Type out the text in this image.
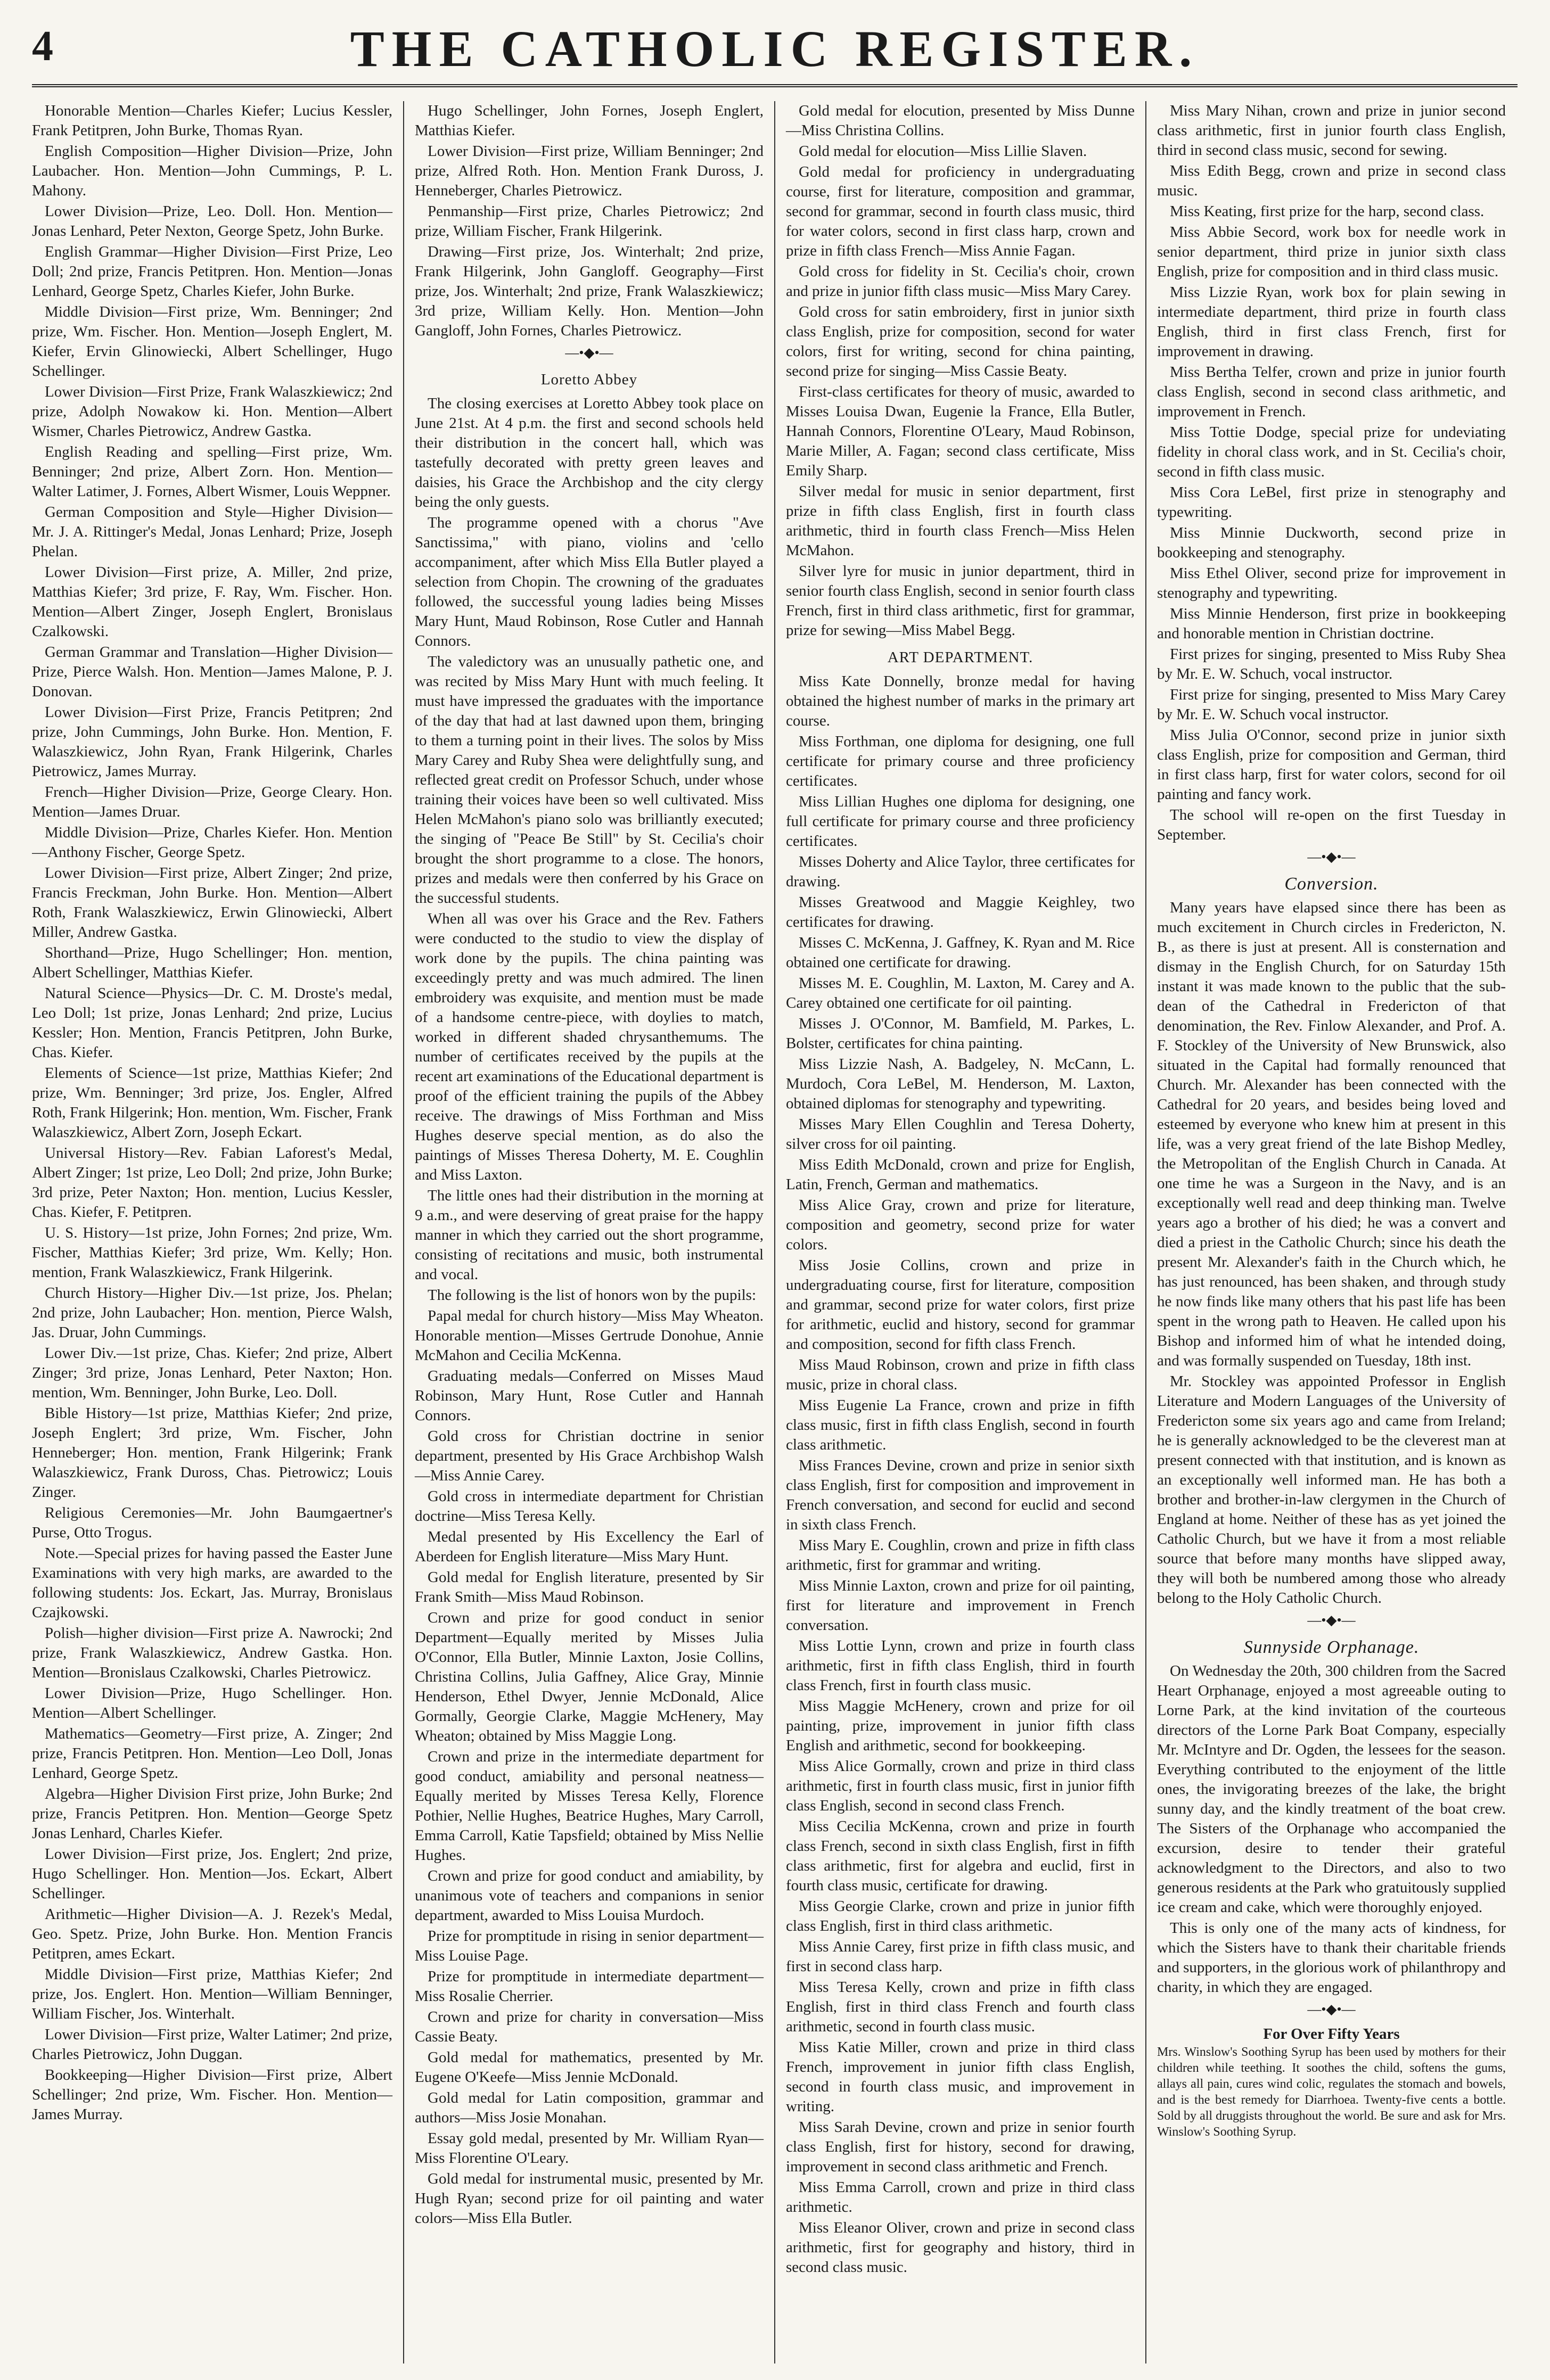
4	THE CATHOLIC REGISTER.

Honorable Mention—Charles Kiefer; Lucius Kessler, Frank Petitpren, John Burke, Thomas Ryan.

English Composition—Higher Division—Prize, John Laubacher. Hon. Mention—John Cummings, P. L. Mahony.

Lower Division—Prize, Leo. Doll. Hon. Mention—Jonas Lenhard, Peter Nexton, George Spetz, John Burke.

English Grammar—Higher Division—First Prize, Leo Doll; 2nd prize, Francis Petitpren. Hon. Mention—Jonas Lenhard, George Spetz, Charles Kiefer, John Burke.

Middle Division—First prize, Wm. Benninger; 2nd prize, Wm. Fischer. Hon. Mention—Joseph Englert, M. Kiefer, Ervin Glinowiecki, Albert Schellinger, Hugo Schellinger.

Lower Division—First Prize, Frank Walaszkiewicz; 2nd prize, Adolph Nowakow ki. Hon. Mention—Albert Wismer, Charles Pietrowicz, Andrew Gastka.

English Reading and spelling—First prize, Wm. Benninger; 2nd prize, Albert Zorn. Hon. Mention—Walter Latimer, J. Fornes, Albert Wismer, Louis Weppner.

German Composition and Style—Higher Division—Mr. J. A. Rittinger's Medal, Jonas Lenhard; Prize, Joseph Phelan.

Lower Division—First prize, A. Miller, 2nd prize, Matthias Kiefer; 3rd prize, F. Ray, Wm. Fischer. Hon. Mention—Albert Zinger, Joseph Englert, Bronislaus Czalkowski.

German Grammar and Translation—Higher Division—Prize, Pierce Walsh. Hon. Mention—James Malone, P. J. Donovan.

Lower Division—First Prize, Francis Petitpren; 2nd prize, John Cummings, John Burke. Hon. Mention, F. Walaszkiewicz, John Ryan, Frank Hilgerink, Charles Pietrowicz, James Murray.

French—Higher Division—Prize, George Cleary. Hon. Mention—James Druar.

Middle Division—Prize, Charles Kiefer. Hon. Mention—Anthony Fischer, George Spetz.

Lower Division—First prize, Albert Zinger; 2nd prize, Francis Freckman, John Burke. Hon. Mention—Albert Roth, Frank Walaszkiewicz, Erwin Glinowiecki, Albert Miller, Andrew Gastka.

Shorthand—Prize, Hugo Schellinger; Hon. mention, Albert Schellinger, Matthias Kiefer.

Natural Science—Physics—Dr. C. M. Droste's medal, Leo Doll; 1st prize, Jonas Lenhard; 2nd prize, Lucius Kessler; Hon. Mention, Francis Petitpren, John Burke, Chas. Kiefer.

Elements of Science—1st prize, Matthias Kiefer; 2nd prize, Wm. Benninger; 3rd prize, Jos. Engler, Alfred Roth, Frank Hilgerink; Hon. mention, Wm. Fischer, Frank Walaszkiewicz, Albert Zorn, Joseph Eckart.

Universal History—Rev. Fabian Laforest's Medal, Albert Zinger; 1st prize, Leo Doll; 2nd prize, John Burke; 3rd prize, Peter Naxton; Hon. mention, Lucius Kessler, Chas. Kiefer, F. Petitpren.

U. S. History—1st prize, John Fornes; 2nd prize, Wm. Fischer, Matthias Kiefer; 3rd prize, Wm. Kelly; Hon. mention, Frank Walaszkiewicz, Frank Hilgerink.

Church History—Higher Div.—1st prize, Jos. Phelan; 2nd prize, John Laubacher; Hon. mention, Pierce Walsh, Jas. Druar, John Cummings.

Lower Div.—1st prize, Chas. Kiefer; 2nd prize, Albert Zinger; 3rd prize, Jonas Lenhard, Peter Naxton; Hon. mention, Wm. Benninger, John Burke, Leo. Doll.

Bible History—1st prize, Matthias Kiefer; 2nd prize, Joseph Englert; 3rd prize, Wm. Fischer, John Henneberger; Hon. mention, Frank Hilgerink; Frank Walaszkiewicz, Frank Duross, Chas. Pietrowicz; Louis Zinger.

Religious Ceremonies—Mr. John Baumgaertner's Purse, Otto Trogus.

Note.—Special prizes for having passed the Easter June Examinations with very high marks, are awarded to the following students: Jos. Eckart, Jas. Murray, Bronislaus Czajkowski.

Polish—higher division—First prize A. Nawrocki; 2nd prize, Frank Walaszkiewicz, Andrew Gastka. Hon. Mention—Bronislaus Czalkowski, Charles Pietrowicz.

Lower Division—Prize, Hugo Schellinger. Hon. Mention—Albert Schellinger.

Mathematics—Geometry—First prize, A. Zinger; 2nd prize, Francis Petitpren. Hon. Mention—Leo Doll, Jonas Lenhard, George Spetz.

Algebra—Higher Division First prize, John Burke; 2nd prize, Francis Petitpren. Hon. Mention—George Spetz Jonas Lenhard, Charles Kiefer.

Lower Division—First prize, Jos. Englert; 2nd prize, Hugo Schellinger. Hon. Mention—Jos. Eckart, Albert Schellinger.

Arithmetic—Higher Division—A. J. Rezek's Medal, Geo. Spetz. Prize, John Burke. Hon. Mention Francis Petitpren, ames Eckart.

Middle Division—First prize, Matthias Kiefer; 2nd prize, Jos. Englert. Hon. Mention—William Benninger, William Fischer, Jos. Winterhalt.

Lower Division—First prize, Walter Latimer; 2nd prize, Charles Pietrowicz, John Duggan.

Bookkeeping—Higher Division—First prize, Albert Schellinger; 2nd prize, Wm. Fischer. Hon. Mention—James Murray.

Hugo Schellinger, John Fornes, Joseph Englert, Matthias Kiefer.

Lower Division—First prize, William Benninger; 2nd prize, Alfred Roth. Hon. Mention Frank Duross, J. Henneberger, Charles Pietrowicz.

Penmanship—First prize, Charles Pietrowicz; 2nd prize, William Fischer, Frank Hilgerink.

Drawing—First prize, Jos. Winterhalt; 2nd prize, Frank Hilgerink, John Gangloff. Geography—First prize, Jos. Winterhalt; 2nd prize, Frank Walaszkiewicz; 3rd prize, William Kelly. Hon. Mention—John Gangloff, John Fornes, Charles Pietrowicz.

—•◆•—
Loretto Abbey

The closing exercises at Loretto Abbey took place on June 21st. At 4 p.m. the first and second schools held their distribution in the concert hall, which was tastefully decorated with pretty green leaves and daisies, his Grace the Archbishop and the city clergy being the only guests.

The programme opened with a chorus "Ave Sanctissima," with piano, violins and 'cello accompaniment, after which Miss Ella Butler played a selection from Chopin. The crowning of the graduates followed, the successful young ladies being Misses Mary Hunt, Maud Robinson, Rose Cutler and Hannah Connors.

The valedictory was an unusually pathetic one, and was recited by Miss Mary Hunt with much feeling. It must have impressed the graduates with the importance of the day that had at last dawned upon them, bringing to them a turning point in their lives. The solos by Miss Mary Carey and Ruby Shea were delightfully sung, and reflected great credit on Professor Schuch, under whose training their voices have been so well cultivated. Miss Helen McMahon's piano solo was brilliantly executed; the singing of "Peace Be Still" by St. Cecilia's choir brought the short programme to a close. The honors, prizes and medals were then conferred by his Grace on the successful students.

When all was over his Grace and the Rev. Fathers were conducted to the studio to view the display of work done by the pupils. The china painting was exceedingly pretty and was much admired. The linen embroidery was exquisite, and mention must be made of a handsome centre-piece, with doylies to match, worked in different shaded chrysanthemums. The number of certificates received by the pupils at the recent art examinations of the Educational department is proof of the efficient training the pupils of the Abbey receive. The drawings of Miss Forthman and Miss Hughes deserve special mention, as do also the paintings of Misses Theresa Doherty, M. E. Coughlin and Miss Laxton.

The little ones had their distribution in the morning at 9 a.m., and were deserving of great praise for the happy manner in which they carried out the short programme, consisting of recitations and music, both instrumental and vocal.

The following is the list of honors won by the pupils:

Papal medal for church history—Miss May Wheaton. Honorable mention—Misses Gertrude Donohue, Annie McMahon and Cecilia McKenna.

Graduating medals—Conferred on Misses Maud Robinson, Mary Hunt, Rose Cutler and Hannah Connors.

Gold cross for Christian doctrine in senior department, presented by His Grace Archbishop Walsh—Miss Annie Carey.

Gold cross in intermediate department for Christian doctrine—Miss Teresa Kelly.

Medal presented by His Excellency the Earl of Aberdeen for English literature—Miss Mary Hunt.

Gold medal for English literature, presented by Sir Frank Smith—Miss Maud Robinson.

Crown and prize for good conduct in senior Department—Equally merited by Misses Julia O'Connor, Ella Butler, Minnie Laxton, Josie Collins, Christina Collins, Julia Gaffney, Alice Gray, Minnie Henderson, Ethel Dwyer, Jennie McDonald, Alice Gormally, Georgie Clarke, Maggie McHenery, May Wheaton; obtained by Miss Maggie Long.

Crown and prize in the intermediate department for good conduct, amiability and personal neatness—Equally merited by Misses Teresa Kelly, Florence Pothier, Nellie Hughes, Beatrice Hughes, Mary Carroll, Emma Carroll, Katie Tapsfield; obtained by Miss Nellie Hughes.

Crown and prize for good conduct and amiability, by unanimous vote of teachers and companions in senior department, awarded to Miss Louisa Murdoch.

Prize for promptitude in rising in senior department—Miss Louise Page.

Prize for promptitude in intermediate department—Miss Rosalie Cherrier.

Crown and prize for charity in conversation—Miss Cassie Beaty.

Gold medal for mathematics, presented by Mr. Eugene O'Keefe—Miss Jennie McDonald.

Gold medal for Latin composition, grammar and authors—Miss Josie Monahan.

Essay gold medal, presented by Mr. William Ryan—Miss Florentine O'Leary.

Gold medal for instrumental music, presented by Mr. Hugh Ryan; second prize for oil painting and water colors—Miss Ella Butler.

Gold medal for elocution, presented by Miss Dunne—Miss Christina Collins.

Gold medal for elocution—Miss Lillie Slaven.

Gold medal for proficiency in undergraduating course, first for literature, composition and grammar, second for grammar, second in fourth class music, third for water colors, second in first class harp, crown and prize in fifth class French—Miss Annie Fagan.

Gold cross for fidelity in St. Cecilia's choir, crown and prize in junior fifth class music—Miss Mary Carey.

Gold cross for satin embroidery, first in junior sixth class English, prize for composition, second for water colors, first for writing, second for china painting, second prize for singing—Miss Cassie Beaty.

First-class certificates for theory of music, awarded to Misses Louisa Dwan, Eugenie la France, Ella Butler, Hannah Connors, Florentine O'Leary, Maud Robinson, Marie Miller, A. Fagan; second class certificate, Miss Emily Sharp.

Silver medal for music in senior department, first prize in fifth class English, first in fourth class arithmetic, third in fourth class French—Miss Helen McMahon.

Silver lyre for music in junior department, third in senior fourth class English, second in senior fourth class French, first in third class arithmetic, first for grammar, prize for sewing—Miss Mabel Begg.

ART DEPARTMENT.

Miss Kate Donnelly, bronze medal for having obtained the highest number of marks in the primary art course.

Miss Forthman, one diploma for designing, one full certificate for primary course and three proficiency certificates.

Miss Lillian Hughes one diploma for designing, one full certificate for primary course and three proficiency certificates.

Misses Doherty and Alice Taylor, three certificates for drawing.

Misses Greatwood and Maggie Keighley, two certificates for drawing.

Misses C. McKenna, J. Gaffney, K. Ryan and M. Rice obtained one certificate for drawing.

Misses M. E. Coughlin, M. Laxton, M. Carey and A. Carey obtained one certificate for oil painting.

Misses J. O'Connor, M. Bamfield, M. Parkes, L. Bolster, certificates for china painting.

Miss Lizzie Nash, A. Badgeley, N. McCann, L. Murdoch, Cora LeBel, M. Henderson, M. Laxton, obtained diplomas for stenography and typewriting.

Misses Mary Ellen Coughlin and Teresa Doherty, silver cross for oil painting.

Miss Edith McDonald, crown and prize for English, Latin, French, German and mathematics.

Miss Alice Gray, crown and prize for literature, composition and geometry, second prize for water colors.

Miss Josie Collins, crown and prize in undergraduating course, first for literature, composition and grammar, second prize for water colors, first prize for arithmetic, euclid and history, second for grammar and composition, second for fifth class French.

Miss Maud Robinson, crown and prize in fifth class music, prize in choral class.

Miss Eugenie La France, crown and prize in fifth class music, first in fifth class English, second in fourth class arithmetic.

Miss Frances Devine, crown and prize in senior sixth class English, first for composition and improvement in French conversation, and second for euclid and second in sixth class French.

Miss Mary E. Coughlin, crown and prize in fifth class arithmetic, first for grammar and writing.

Miss Minnie Laxton, crown and prize for oil painting, first for literature and improvement in French conversation.

Miss Lottie Lynn, crown and prize in fourth class arithmetic, first in fifth class English, third in fourth class French, first in fourth class music.

Miss Maggie McHenery, crown and prize for oil painting, prize, improvement in junior fifth class English and arithmetic, second for bookkeeping.

Miss Alice Gormally, crown and prize in third class arithmetic, first in fourth class music, first in junior fifth class English, second in second class French.

Miss Cecilia McKenna, crown and prize in fourth class French, second in sixth class English, first in fifth class arithmetic, first for algebra and euclid, first in fourth class music, certificate for drawing.

Miss Georgie Clarke, crown and prize in junior fifth class English, first in third class arithmetic.

Miss Annie Carey, first prize in fifth class music, and first in second class harp.

Miss Teresa Kelly, crown and prize in fifth class English, first in third class French and fourth class arithmetic, second in fourth class music.

Miss Katie Miller, crown and prize in third class French, improvement in junior fifth class English, second in fourth class music, and improvement in writing.

Miss Sarah Devine, crown and prize in senior fourth class English, first for history, second for drawing, improvement in second class arithmetic and French.

Miss Emma Carroll, crown and prize in third class arithmetic.

Miss Eleanor Oliver, crown and prize in second class arithmetic, first for geography and history, third in second class music.

Miss Mary Nihan, crown and prize in junior second class arithmetic, first in junior fourth class English, third in second class music, second for sewing.

Miss Edith Begg, crown and prize in second class music.

Miss Keating, first prize for the harp, second class.

Miss Abbie Secord, work box for needle work in senior department, third prize in junior sixth class English, prize for composition and in third class music.

Miss Lizzie Ryan, work box for plain sewing in intermediate department, third prize in fourth class English, third in first class French, first for improvement in drawing.

Miss Bertha Telfer, crown and prize in junior fourth class English, second in second class arithmetic, and improvement in French.

Miss Tottie Dodge, special prize for undeviating fidelity in choral class work, and in St. Cecilia's choir, second in fifth class music.

Miss Cora LeBel, first prize in stenography and typewriting.

Miss Minnie Duckworth, second prize in bookkeeping and stenography.

Miss Ethel Oliver, second prize for improvement in stenography and typewriting.

Miss Minnie Henderson, first prize in bookkeeping and honorable mention in Christian doctrine.

First prizes for singing, presented to Miss Ruby Shea by Mr. E. W. Schuch, vocal instructor.

First prize for singing, presented to Miss Mary Carey by Mr. E. W. Schuch vocal instructor.

Miss Julia O'Connor, second prize in junior sixth class English, prize for composition and German, third in first class harp, first for water colors, second for oil painting and fancy work.

The school will re-open on the first Tuesday in September.

—•◆•—
Conversion.

Many years have elapsed since there has been as much excitement in Church circles in Fredericton, N. B., as there is just at present. All is consternation and dismay in the English Church, for on Saturday 15th instant it was made known to the public that the sub-dean of the Cathedral in Fredericton of that denomination, the Rev. Finlow Alexander, and Prof. A. F. Stockley of the University of New Brunswick, also situated in the Capital had formally renounced that Church. Mr. Alexander has been connected with the Cathedral for 20 years, and besides being loved and esteemed by everyone who knew him at present in this life, was a very great friend of the late Bishop Medley, the Metropolitan of the English Church in Canada. At one time he was a Surgeon in the Navy, and is an exceptionally well read and deep thinking man. Twelve years ago a brother of his died; he was a convert and died a priest in the Catholic Church; since his death the present Mr. Alexander's faith in the Church which, he has just renounced, has been shaken, and through study he now finds like many others that his past life has been spent in the wrong path to Heaven. He called upon his Bishop and informed him of what he intended doing, and was formally suspended on Tuesday, 18th inst.

Mr. Stockley was appointed Professor in English Literature and Modern Languages of the University of Fredericton some six years ago and came from Ireland; he is generally acknowledged to be the cleverest man at present connected with that institution, and is known as an exceptionally well informed man. He has both a brother and brother-in-law clergymen in the Church of England at home. Neither of these has as yet joined the Catholic Church, but we have it from a most reliable source that before many months have slipped away, they will both be numbered among those who already belong to the Holy Catholic Church.

—•◆•—
Sunnyside Orphanage.

On Wednesday the 20th, 300 children from the Sacred Heart Orphanage, enjoyed a most agreeable outing to Lorne Park, at the kind invitation of the courteous directors of the Lorne Park Boat Company, especially Mr. McIntyre and Dr. Ogden, the lessees for the season. Everything contributed to the enjoyment of the little ones, the invigorating breezes of the lake, the bright sunny day, and the kindly treatment of the boat crew. The Sisters of the Orphanage who accompanied the excursion, desire to tender their grateful acknowledgment to the Directors, and also to two generous residents at the Park who gratuitously supplied ice cream and cake, which were thoroughly enjoyed.

This is only one of the many acts of kindness, for which the Sisters have to thank their charitable friends and supporters, in the glorious work of philanthropy and charity, in which they are engaged.

—•◆•—
For Over Fifty Years

Mrs. Winslow's Soothing Syrup has been used by mothers for their children while teething. It soothes the child, softens the gums, allays all pain, cures wind colic, regulates the stomach and bowels, and is the best remedy for Diarrhoea. Twenty-five cents a bottle. Sold by all druggists throughout the world. Be sure and ask for Mrs. Winslow's Soothing Syrup.
